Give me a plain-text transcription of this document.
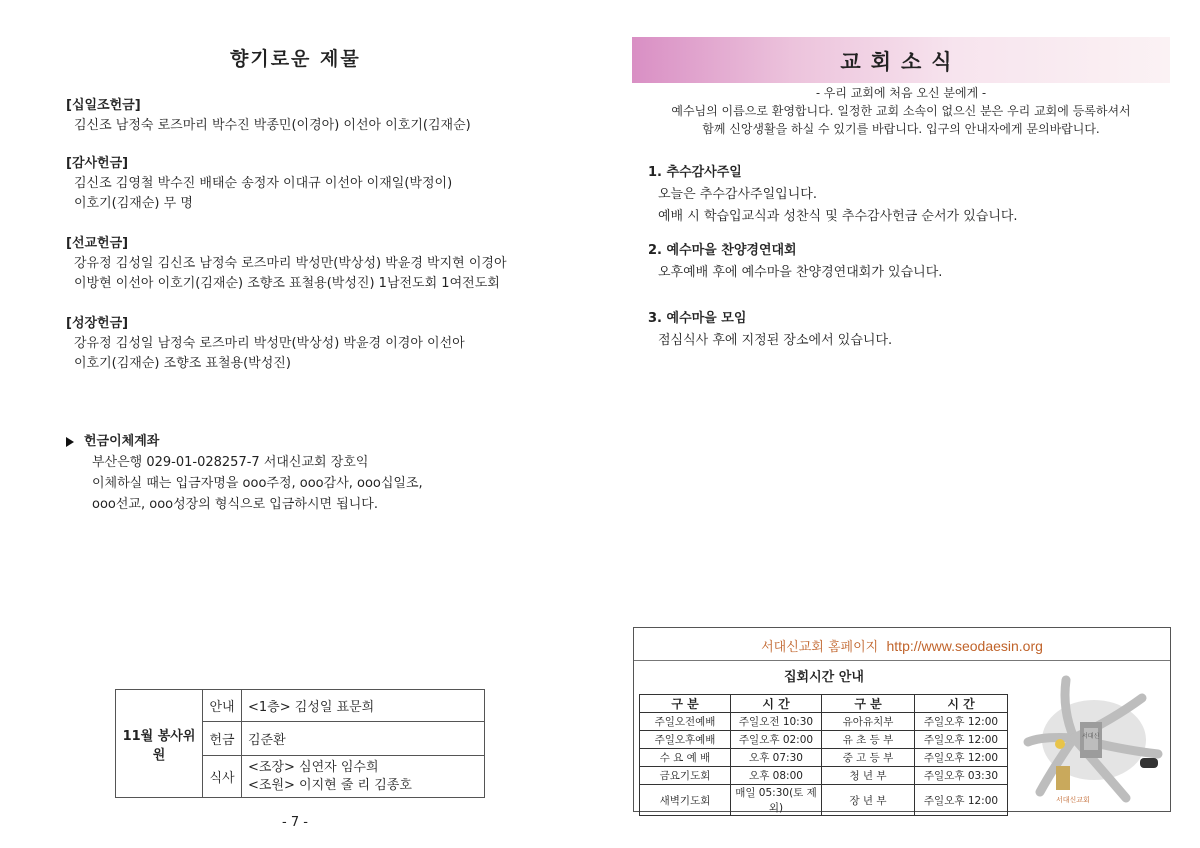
향기로운 제물
[십일조헌금]
김신조 남정숙 로즈마리 박수진 박종민(이경아) 이선아 이호기(김재순)
[감사헌금]
김신조 김영철 박수진 배태순 송정자 이대규 이선아 이재일(박정이)
이호기(김재순) 무 명
[선교헌금]
강유정 김성일 김신조 남정숙 로즈마리 박성만(박상성) 박윤경 박지현 이경아
이방현 이선아 이호기(김재순) 조향조 표철용(박성진) 1남전도회 1여전도회
[성장헌금]
강유정 김성일 남정숙 로즈마리 박성만(박상성) 박윤경 이경아 이선아
이호기(김재순) 조향조 표철용(박성진)
헌금이체계좌
부산은행 029-01-028257-7 서대신교회 장호익
이체하실 때는 입금자명을 ooo주정, ooo감사, ooo십일조,
ooo선교, ooo성장의 형식으로 입금하시면 됩니다.
11월 봉사위원	안내	<1층> 김성일 표문희
	헌금	김준환
	식사	<조장> 심연자 임수희
<조원> 이지현 줄 리 김종호
- 7 -
교회소식
- 우리 교회에 처음 오신 분에게 -
예수님의 이름으로 환영합니다. 일정한 교회 소속이 없으신 분은 우리 교회에 등록하셔서
함께 신앙생활을 하실 수 있기를 바랍니다. 입구의 안내자에게 문의바랍니다.
1. 추수감사주일
오늘은 추수감사주일입니다.
예배 시 학습입교식과 성찬식 및 추수감사헌금 순서가 있습니다.
2. 예수마을 찬양경연대회
오후예배 후에 예수마을 찬양경연대회가 있습니다.
3. 예수마을 모임
점심식사 후에 지정된 장소에서 있습니다.
서대신교회 홈페이지 http://www.seodaesin.org
집회시간 안내
구 분	시 간	구 분	시 간
주일오전예배	주일오전 10:30	유아유치부	주일오후 12:00
주일오후예배	주일오후 02:00	유 초 등 부	주일오후 12:00
수 요 예 배	오후 07:30	중 고 등 부	주일오후 12:00
금요기도회	오후 08:00	청 년 부	주일오후 03:30
새벽기도회	매일 05:30(토 제외)	장 년 부	주일오후 12:00	서대신교회
서대신
